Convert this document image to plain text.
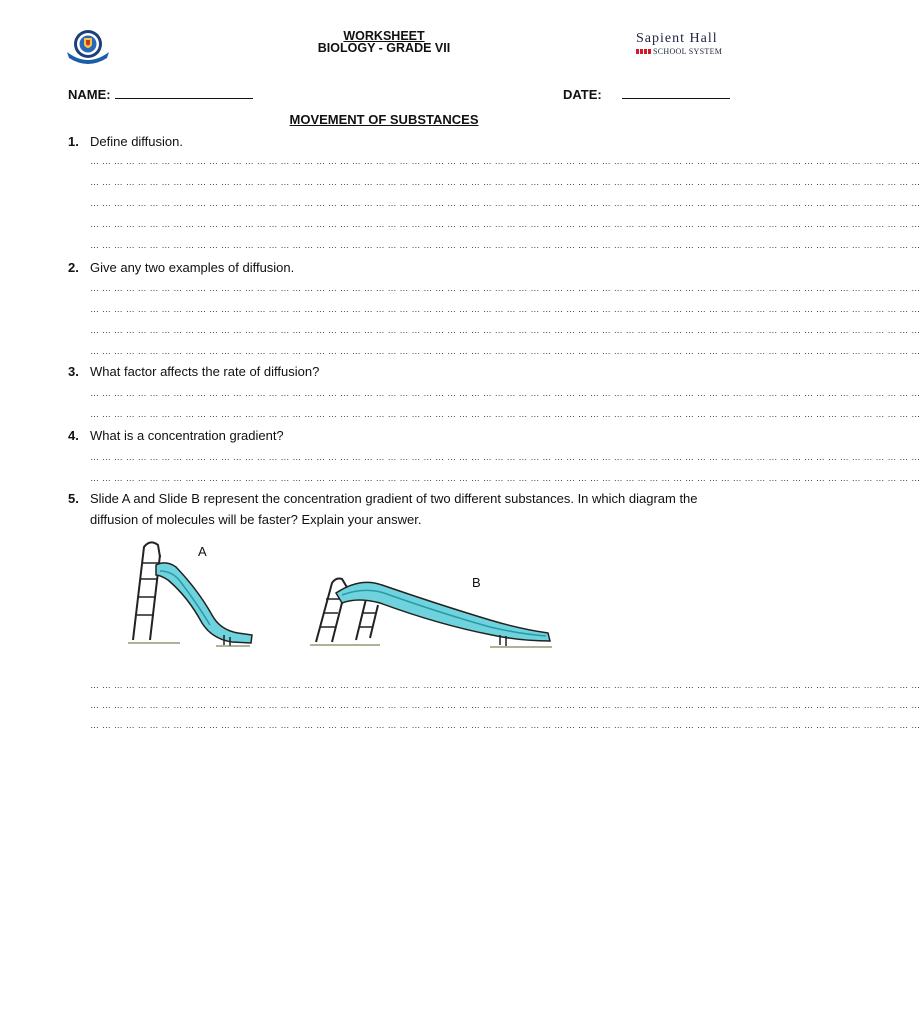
WORKSHEET
BIOLOGY - GRADE VII
Sapient Hall
SCHOOL SYSTEM
NAME:	DATE:
MOVEMENT OF SUBSTANCES
1. Define diffusion.
… … … … … … … … … … … … … … … … … … … … … … … … … … … … … … … … … … … … … … … … … … … … … … … … … … … … … … … … … … … … … … … … … … … … … …
… … … … … … … … … … … … … … … … … … … … … … … … … … … … … … … … … … … … … … … … … … … … … … … … … … … … … … … … … … … … … … … … … … … … … …
… … … … … … … … … … … … … … … … … … … … … … … … … … … … … … … … … … … … … … … … … … … … … … … … … … … … … … … … … … … … … … … … … … … … … …
… … … … … … … … … … … … … … … … … … … … … … … … … … … … … … … … … … … … … … … … … … … … … … … … … … … … … … … … … … … … … … … … … … … … … …
… … … … … … … … … … … … … … … … … … … … … … … … … … … … … … … … … … … … … … … … … … … … … … … … … … … … … … … … … … … … … … … … … … … … … …
2. Give any two examples of diffusion.
… … … … … … … … … … … … … … … … … … … … … … … … … … … … … … … … … … … … … … … … … … … … … … … … … … … … … … … … … … … … … … … … … … … … … …
… … … … … … … … … … … … … … … … … … … … … … … … … … … … … … … … … … … … … … … … … … … … … … … … … … … … … … … … … … … … … … … … … … … … … …
… … … … … … … … … … … … … … … … … … … … … … … … … … … … … … … … … … … … … … … … … … … … … … … … … … … … … … … … … … … … … … … … … … … … … …
… … … … … … … … … … … … … … … … … … … … … … … … … … … … … … … … … … … … … … … … … … … … … … … … … … … … … … … … … … … … … … … … … … … … … …
3. What factor affects the rate of diffusion?
… … … … … … … … … … … … … … … … … … … … … … … … … … … … … … … … … … … … … … … … … … … … … … … … … … … … … … … … … … … … … … … … … … … … … …
… … … … … … … … … … … … … … … … … … … … … … … … … … … … … … … … … … … … … … … … … … … … … … … … … … … … … … … … … … … … … … … … … … … … … …
4. What is a concentration gradient?
… … … … … … … … … … … … … … … … … … … … … … … … … … … … … … … … … … … … … … … … … … … … … … … … … … … … … … … … … … … … … … … … … … … … … …
… … … … … … … … … … … … … … … … … … … … … … … … … … … … … … … … … … … … … … … … … … … … … … … … … … … … … … … … … … … … … … … … … … … … … …
5. Slide A and Slide B represent the concentration gradient of two different substances. In which diagram the diffusion of molecules will be faster? Explain your answer.
A
B
… … … … … … … … … … … … … … … … … … … … … … … … … … … … … … … … … … … … … … … … … … … … … … … … … … … … … … … … … … … … … … … … … … … … … …
… … … … … … … … … … … … … … … … … … … … … … … … … … … … … … … … … … … … … … … … … … … … … … … … … … … … … … … … … … … … … … … … … … … … … …
… … … … … … … … … … … … … … … … … … … … … … … … … … … … … … … … … … … … … … … … … … … … … … … … … … … … … … … … … … … … … … … … … … … … … …
